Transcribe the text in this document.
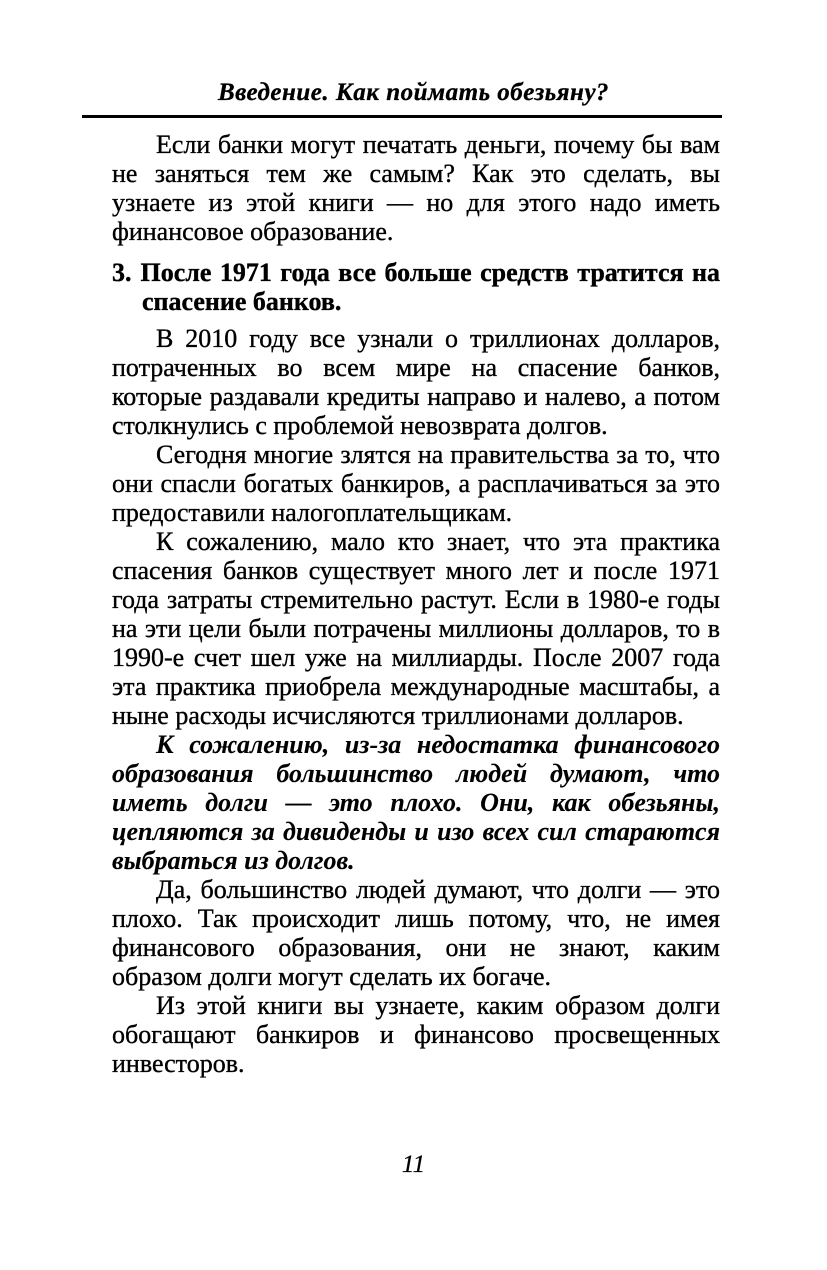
Введение. Как поймать обезьяну?

Если банки могут печатать деньги, почему бы вам не заняться тем же самым? Как это сделать, вы узнаете из этой книги — но для этого надо иметь финансовое образование.

3. После 1971 года все больше средств тратится на спасение банков.

В 2010 году все узнали о триллионах долларов, потраченных во всем мире на спасение банков, которые раздавали кредиты направо и налево, а потом столкнулись с проблемой невозврата долгов.

Сегодня многие злятся на правительства за то, что они спасли богатых банкиров, а расплачиваться за это предоставили налогоплательщикам.

К сожалению, мало кто знает, что эта практика спасения банков существует много лет и после 1971 года затраты стремительно растут. Если в 1980-е годы на эти цели были потрачены миллионы долларов, то в 1990-е счет шел уже на миллиарды. После 2007 года эта практика приобрела международные масштабы, а ныне расходы исчисляются триллионами долларов.

К сожалению, из-за недостатка финансового образования большинство людей думают, что иметь долги — это плохо. Они, как обезьяны, цепляются за дивиденды и изо всех сил стараются выбраться из долгов.

Да, большинство людей думают, что долги — это плохо. Так происходит лишь потому, что, не имея финансового образования, они не знают, каким образом долги могут сделать их богаче.

Из этой книги вы узнаете, каким образом долги обогащают банкиров и финансово просвещенных инвесторов.

11
